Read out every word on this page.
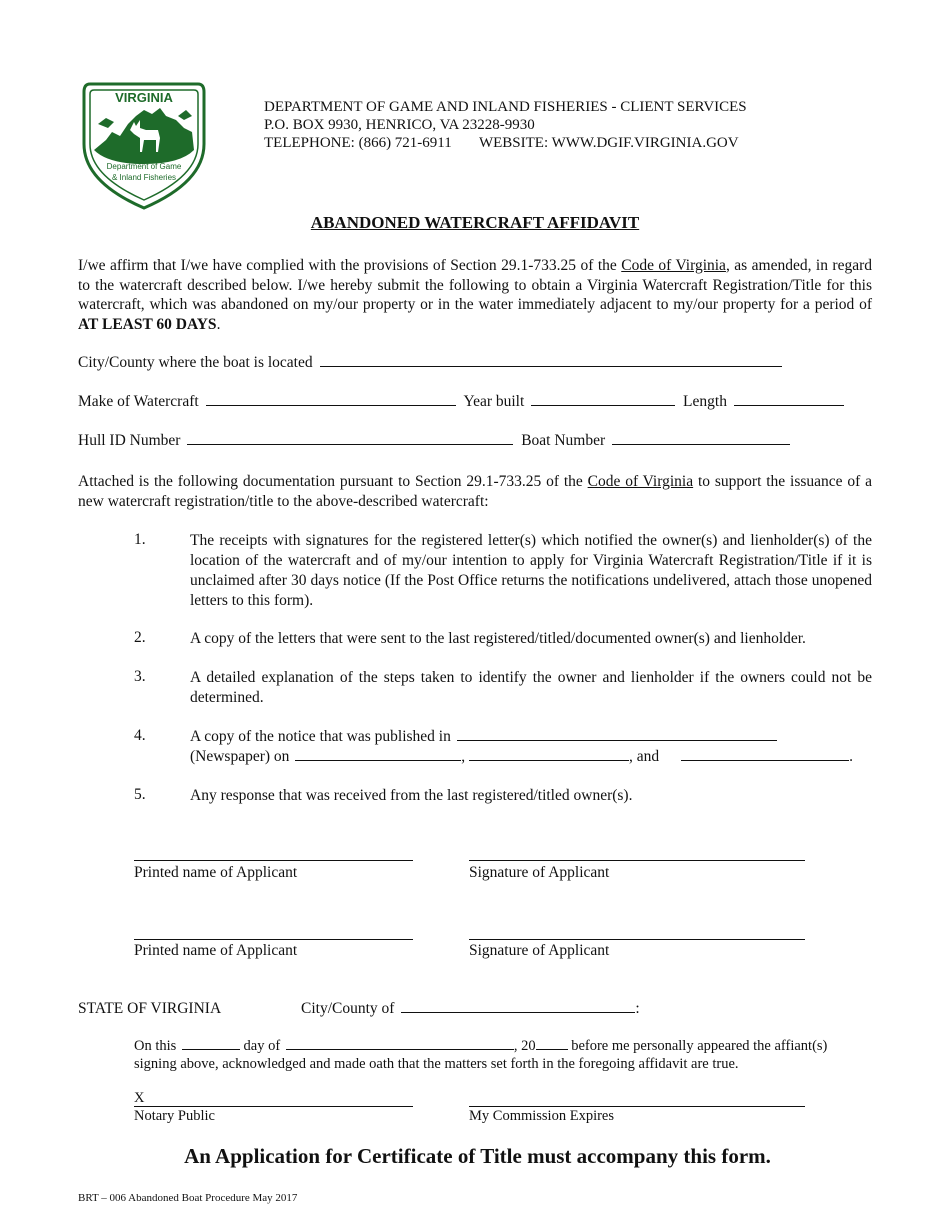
VIRGINIA
Department of Game
& Inland Fisheries
DEPARTMENT OF GAME AND INLAND FISHERIES - CLIENT SERVICES
P.O. BOX 9930, HENRICO, VA 23228-9930
TELEPHONE: (866) 721-6911 WEBSITE: WWW.DGIF.VIRGINIA.GOV
ABANDONED WATERCRAFT AFFIDAVIT
I/we affirm that I/we have complied with the provisions of Section 29.1-733.25 of the Code of Virginia, as amended, in regard to the watercraft described below. I/we hereby submit the following to obtain a Virginia Watercraft Registration/Title for this watercraft, which was abandoned on my/our property or in the water immediately adjacent to my/our property for a period of AT LEAST 60 DAYS.
City/County where the boat is located
Make of Watercraft	Year built	Length
Hull ID Number	Boat Number
Attached is the following documentation pursuant to Section 29.1-733.25 of the Code of Virginia to support the issuance of a new watercraft registration/title to the above-described watercraft:
1.	The receipts with signatures for the registered letter(s) which notified the owner(s) and lienholder(s) of the location of the watercraft and of my/our intention to apply for Virginia Watercraft Registration/Title if it is unclaimed after 30 days notice (If the Post Office returns the notifications undelivered, attach those unopened letters to this form).
2.	A copy of the letters that were sent to the last registered/titled/documented owner(s) and lienholder.
3.	A detailed explanation of the steps taken to identify the owner and lienholder if the owners could not be determined.
4.	A copy of the notice that was published in
(Newspaper) on	,	, and	.
5.	Any response that was received from the last registered/titled owner(s).
Printed name of Applicant	Signature of Applicant
Printed name of Applicant	Signature of Applicant
STATE OF VIRGINIA	City/County of	:
On this	day of	, 20 before me personally appeared the affiant(s)
signing above, acknowledged and made oath that the matters set forth in the foregoing affidavit are true.
X
Notary Public	My Commission Expires
An Application for Certificate of Title must accompany this form.
BRT – 006 Abandoned Boat Procedure May 2017
